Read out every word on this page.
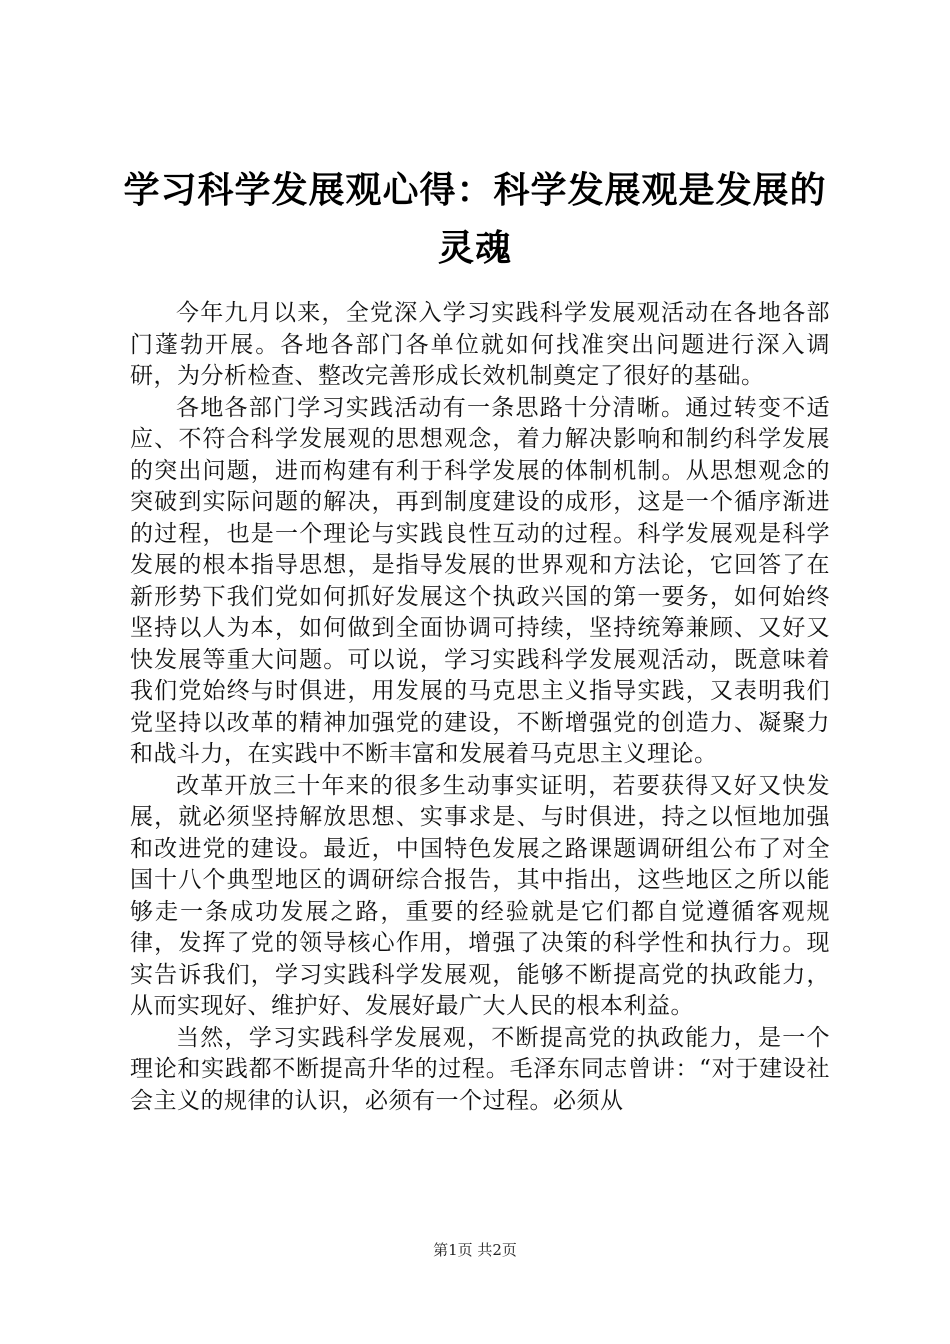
学习科学发展观心得：科学发展观是发展的灵魂

今年九月以来，全党深入学习实践科学发展观活动在各地各部门蓬勃开展。各地各部门各单位就如何找准突出问题进行深入调研，为分析检查、整改完善形成长效机制奠定了很好的基础。

各地各部门学习实践活动有一条思路十分清晰。通过转变不适应、不符合科学发展观的思想观念，着力解决影响和制约科学发展的突出问题，进而构建有利于科学发展的体制机制。从思想观念的突破到实际问题的解决，再到制度建设的成形，这是一个循序渐进的过程，也是一个理论与实践良性互动的过程。科学发展观是科学发展的根本指导思想，是指导发展的世界观和方法论，它回答了在新形势下我们党如何抓好发展这个执政兴国的第一要务，如何始终坚持以人为本，如何做到全面协调可持续，坚持统筹兼顾、又好又快发展等重大问题。可以说，学习实践科学发展观活动，既意味着我们党始终与时俱进，用发展的马克思主义指导实践，又表明我们党坚持以改革的精神加强党的建设，不断增强党的创造力、凝聚力和战斗力，在实践中不断丰富和发展着马克思主义理论。

改革开放三十年来的很多生动事实证明，若要获得又好又快发展，就必须坚持解放思想、实事求是、与时俱进，持之以恒地加强和改进党的建设。最近，中国特色发展之路课题调研组公布了对全国十八个典型地区的调研综合报告，其中指出，这些地区之所以能够走一条成功发展之路，重要的经验就是它们都自觉遵循客观规律，发挥了党的领导核心作用，增强了决策的科学性和执行力。现实告诉我们，学习实践科学发展观，能够不断提高党的执政能力，从而实现好、维护好、发展好最广大人民的根本利益。

当然，学习实践科学发展观，不断提高党的执政能力，是一个理论和实践都不断提高升华的过程。毛泽东同志曾讲：“对于建设社会主义的规律的认识，必须有一个过程。必须从

第1页 共2页
